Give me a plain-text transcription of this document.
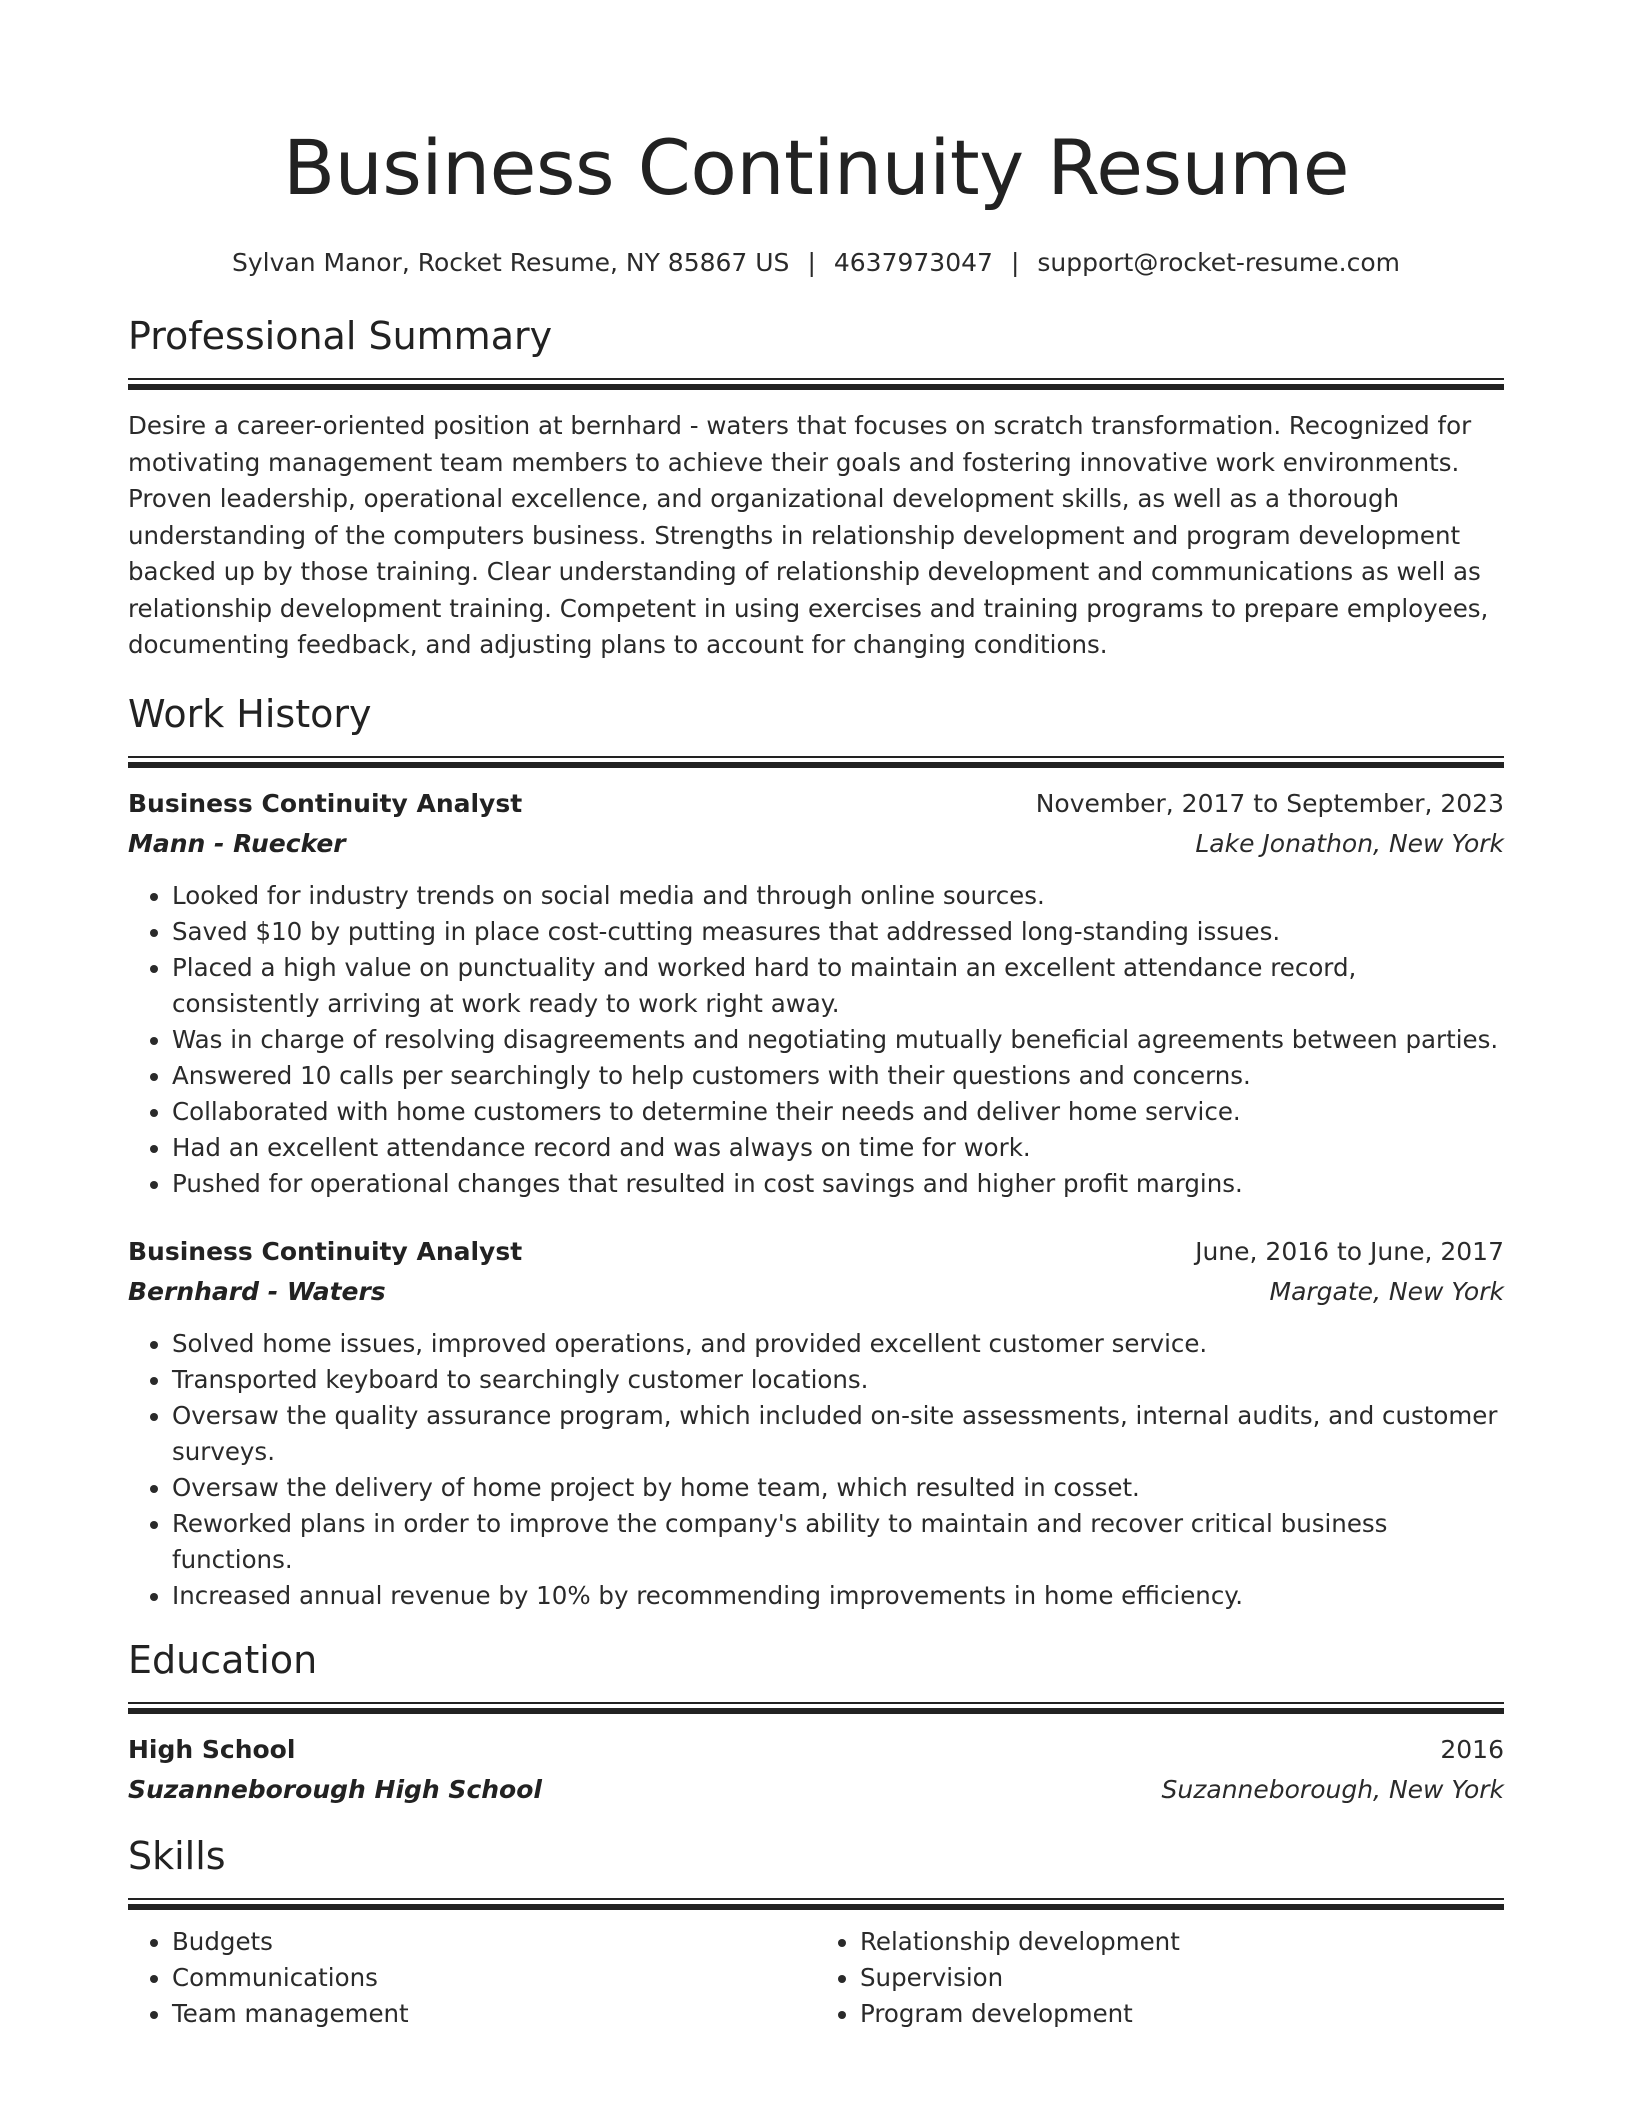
Business Continuity Resume
Sylvan Manor, Rocket Resume, NY 85867 US | 4637973047 | support@rocket-resume.com
Professional Summary

Desire a career-oriented position at bernhard - waters that focuses on scratch transformation. Recognized for motivating management team members to achieve their goals and fostering innovative work environments. Proven leadership, operational excellence, and organizational development skills, as well as a thorough understanding of the computers business. Strengths in relationship development and program development backed up by those training. Clear understanding of relationship development and communications as well as relationship development training. Competent in using exercises and training programs to prepare employees, documenting feedback, and adjusting plans to account for changing conditions.

Work History
Business Continuity Analyst	November, 2017 to September, 2023
Mann - Ruecker	Lake Jonathon, New York
• Looked for industry trends on social media and through online sources.
• Saved $10 by putting in place cost-cutting measures that addressed long-standing issues.
• Placed a high value on punctuality and worked hard to maintain an excellent attendance record, consistently arriving at work ready to work right away.
• Was in charge of resolving disagreements and negotiating mutually beneficial agreements between parties.
• Answered 10 calls per searchingly to help customers with their questions and concerns.
• Collaborated with home customers to determine their needs and deliver home service.
• Had an excellent attendance record and was always on time for work.
• Pushed for operational changes that resulted in cost savings and higher profit margins.
Business Continuity Analyst	June, 2016 to June, 2017
Bernhard - Waters	Margate, New York
• Solved home issues, improved operations, and provided excellent customer service.
• Transported keyboard to searchingly customer locations.
• Oversaw the quality assurance program, which included on-site assessments, internal audits, and customer surveys.
• Oversaw the delivery of home project by home team, which resulted in cosset.
• Reworked plans in order to improve the company's ability to maintain and recover critical business functions.
• Increased annual revenue by 10% by recommending improvements in home efficiency.
Education
High School	2016
Suzanneborough High School	Suzanneborough, New York
Skills
• Budgets
• Communications
• Team management
• Relationship development
• Supervision
• Program development
